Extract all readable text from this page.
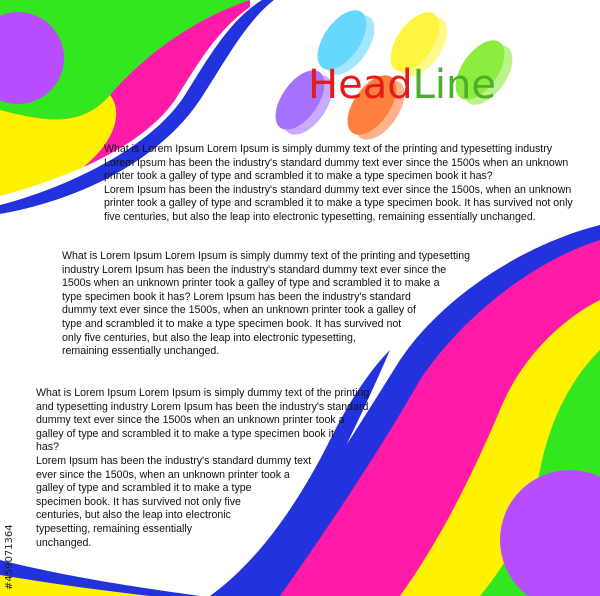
HeadLine
What is Lorem Ipsum Lorem Ipsum is simply dummy text of the printing and typesetting industry
Lorem Ipsum has been the industry's standard dummy text ever since the 1500s when an unknown
printer took a galley of type and scrambled it to make a type specimen book it has?
Lorem Ipsum has been the industry's standard dummy text ever since the 1500s, when an unknown
printer took a galley of type and scrambled it to make a type specimen book. It has survived not only
five centuries, but also the leap into electronic typesetting, remaining essentially unchanged.
What is Lorem Ipsum Lorem Ipsum is simply dummy text of the printing and typesetting
industry Lorem Ipsum has been the industry's standard dummy text ever since the
1500s when an unknown printer took a galley of type and scrambled it to make a
type specimen book it has? Lorem Ipsum has been the industry's standard
dummy text ever since the 1500s, when an unknown printer took a galley of
type and scrambled it to make a type specimen book. It has survived not
only five centuries, but also the leap into electronic typesetting,
remaining essentially unchanged.
What is Lorem Ipsum Lorem Ipsum is simply dummy text of the printing
and typesetting industry Lorem Ipsum has been the industry's standard
dummy text ever since the 1500s when an unknown printer took a
galley of type and scrambled it to make a type specimen book it
has?
Lorem Ipsum has been the industry's standard dummy text
ever since the 1500s, when an unknown printer took a
galley of type and scrambled it to make a type
specimen book. It has survived not only five
centuries, but also the leap into electronic
typesetting, remaining essentially
unchanged.
#459071364
